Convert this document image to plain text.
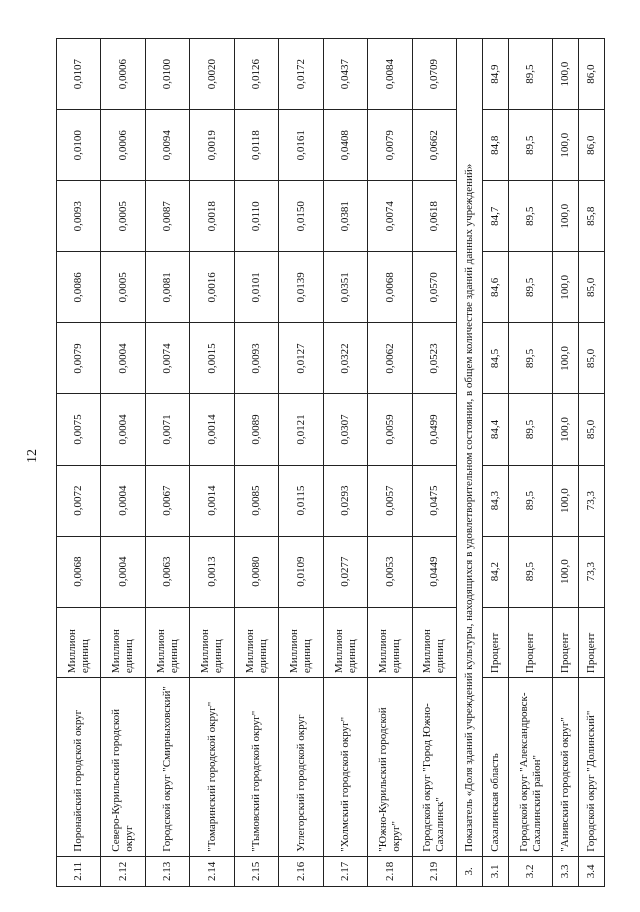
12
2.11	Поронайский городской округ	Миллион единиц	0,0068	0,0072	0,0075	0,0079	0,0086	0,0093	0,0100	0,0107
2.12	Северо-Курильский городской округ	Миллион единиц	0,0004	0,0004	0,0004	0,0004	0,0005	0,0005	0,0006	0,0006
2.13	Городской округ "Смирныховский"	Миллион единиц	0,0063	0,0067	0,0071	0,0074	0,0081	0,0087	0,0094	0,0100
2.14	"Томаринский городской округ"	Миллион единиц	0,0013	0,0014	0,0014	0,0015	0,0016	0,0018	0,0019	0,0020
2.15	"Тымовский городской округ"	Миллион единиц	0,0080	0,0085	0,0089	0,0093	0,0101	0,0110	0,0118	0,0126
2.16	Углегорский городской округ	Миллион единиц	0,0109	0,0115	0,0121	0,0127	0,0139	0,0150	0,0161	0,0172
2.17	"Холмский городской округ"	Миллион единиц	0,0277	0,0293	0,0307	0,0322	0,0351	0,0381	0,0408	0,0437
2.18	"Южно-Курильский городской округ"	Миллион единиц	0,0053	0,0057	0,0059	0,0062	0,0068	0,0074	0,0079	0,0084
2.19	Городской округ "Город Южно-Сахалинск"	Миллион единиц	0,0449	0,0475	0,0499	0,0523	0,0570	0,0618	0,0662	0,0709
3.	Показатель «Доля зданий учреждений культуры, находящихся в удовлетворительном состоянии, в общем количестве зданий данных учреждений»									
3.1	Сахалинская область	Процент	84,2	84,3	84,4	84,5	84,6	84,7	84,8	84,9
3.2	Городской округ "Александровск-Сахалинский район"	Процент	89,5	89,5	89,5	89,5	89,5	89,5	89,5	89,5
3.3	"Анивский городской округ"	Процент	100,0	100,0	100,0	100,0	100,0	100,0	100,0	100,0
3.4	Городской округ "Долинский"	Процент	73,3	73,3	85,0	85,0	85,0	85,8	86,0	86,0
